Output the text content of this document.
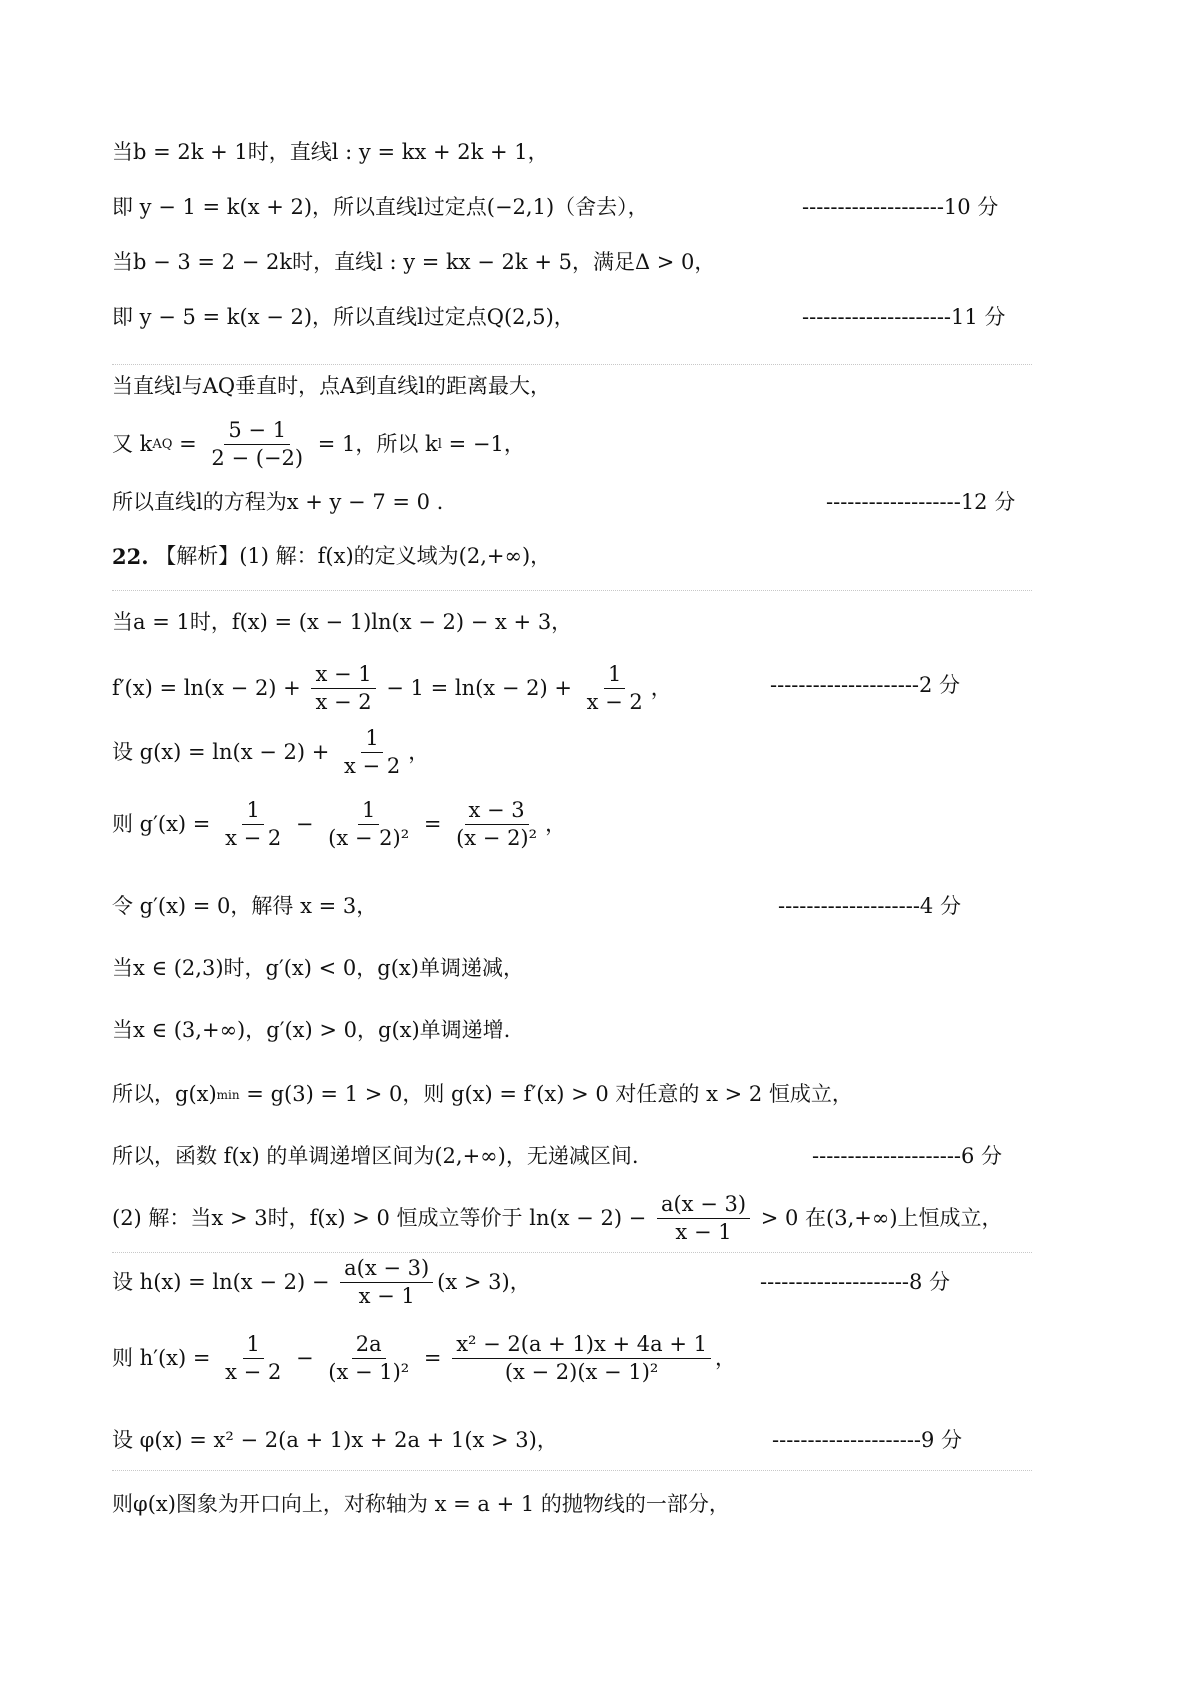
当b = 2k + 1时，直线l : y = kx + 2k + 1，
即 y − 1 = k(x + 2)，所以直线l过定点(−2,1)（舍去），	--------------------10 分
当b − 3 = 2 − 2k时，直线l : y = kx − 2k + 5，满足Δ > 0，
即 y − 5 = k(x − 2)，所以直线l过定点Q(2,5)，	---------------------11 分
当直线l与AQ垂直时，点A到直线l的距离最大，
又 k AQ = $\frac{5 - 1}{2 - (-2)} = 1$，所以 k l = −1，
所以直线l的方程为x + y − 7 = 0 .	-------------------12 分
22. 【解析】(1) 解：f(x)的定义域为(2,+∞)，
当a = 1时，f(x) = (x − 1)ln(x − 2) − x + 3，
$f'(x) = \ln(x - 2) + \frac{x - 1}{x - 2} - 1 = \ln(x - 2) + \frac{1}{x - 2}$ ，	---------------------2 分
设 $g(x) = \ln(x - 2) + \frac{1}{x - 2}$ ，
则 $g'(x) = \frac{1}{x - 2} - \frac{1}{\text{(x − 2)²}} = \frac{x - 3}{\text{(x − 2)²}}$ ，
令 g′(x) = 0，解得 x = 3，	--------------------4 分
当x ∈ (2,3)时，g′(x) < 0，g(x)单调递减，
当x ∈ (3,+∞)，g′(x) > 0，g(x)单调递增.
所以，g(x) min = g(3) = 1 > 0，则 g(x) = f′(x) > 0 对任意的 x > 2 恒成立，
所以，函数 f(x) 的单调递增区间为(2,+∞)，无递减区间.	---------------------6 分
(2) 解：当x > 3时，f(x) > 0 恒成立等价于 $\ln(x - 2) - \frac{a(x - 3)}{x - 1} > 0$ 在(3,+∞)上恒成立，
设 $h(x) = \ln(x - 2) - \frac{a(x - 3)}{x - 1} (x > 3)$，	---------------------8 分
则 $h'(x) = \frac{1}{x - 2} - \frac{2a}{\text{(x − 1)²}} = \frac{\text{x² − 2(a + 1)x + 4a + 1}}{\text{(x − 2)(x − 1)²}}$ ，
设 φ(x) = x² − 2(a + 1)x + 2a + 1(x > 3)，	---------------------9 分
则φ(x)图象为开口向上，对称轴为 x = a + 1 的抛物线的一部分，
